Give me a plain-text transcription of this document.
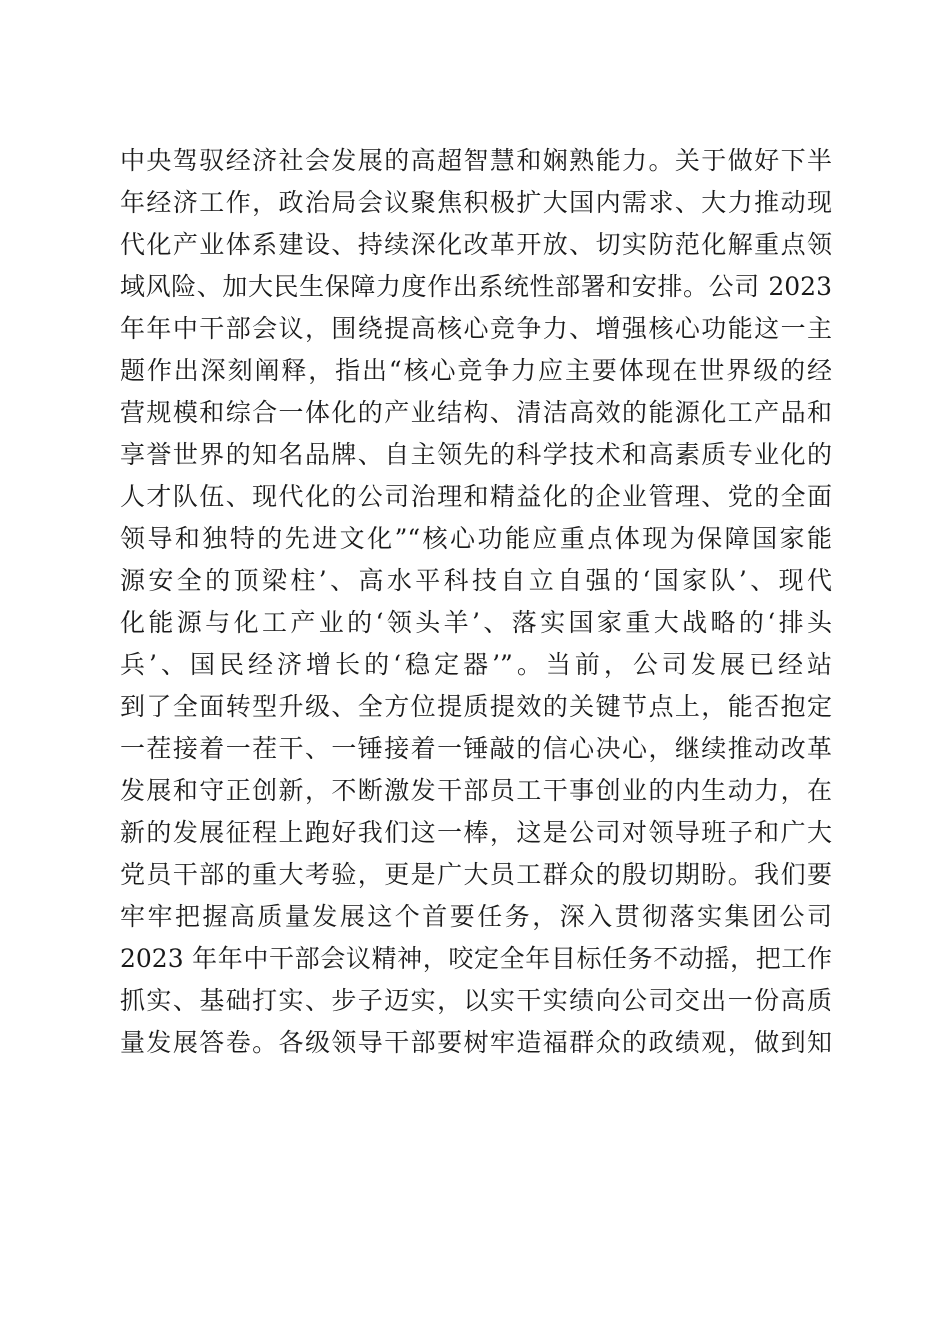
中央驾驭经济社会发展的高超智慧和娴熟能力。关于做好下半
年经济工作，政治局会议聚焦积极扩大国内需求、大力推动现
代化产业体系建设、持续深化改革开放、切实防范化解重点领
域风险、加大民生保障力度作出系统性部署和安排。公司 2023
年年中干部会议，围绕提高核心竞争力、增强核心功能这一主
题作出深刻阐释，指出“核心竞争力应主要体现在世界级的经
营规模和综合一体化的产业结构、清洁高效的能源化工产品和
享誉世界的知名品牌、自主领先的科学技术和高素质专业化的
人才队伍、现代化的公司治理和精益化的企业管理、党的全面
领导和独特的先进文化”“核心功能应重点体现为保障国家能
源安全的顶梁柱’、高水平科技自立自强的‘国家队’、现代
化能源与化工产业的‘领头羊’、落实国家重大战略的‘排头
兵’、国民经济增长的‘稳定器’”。当前，公司发展已经站
到了全面转型升级、全方位提质提效的关键节点上，能否抱定
一茬接着一茬干、一锤接着一锤敲的信心决心，继续推动改革
发展和守正创新，不断激发干部员工干事创业的内生动力，在
新的发展征程上跑好我们这一棒，这是公司对领导班子和广大
党员干部的重大考验，更是广大员工群众的殷切期盼。我们要
牢牢把握高质量发展这个首要任务，深入贯彻落实集团公司
2023 年年中干部会议精神，咬定全年目标任务不动摇，把工作
抓实、基础打实、步子迈实，以实干实绩向公司交出一份高质
量发展答卷。各级领导干部要树牢造福群众的政绩观，做到知
